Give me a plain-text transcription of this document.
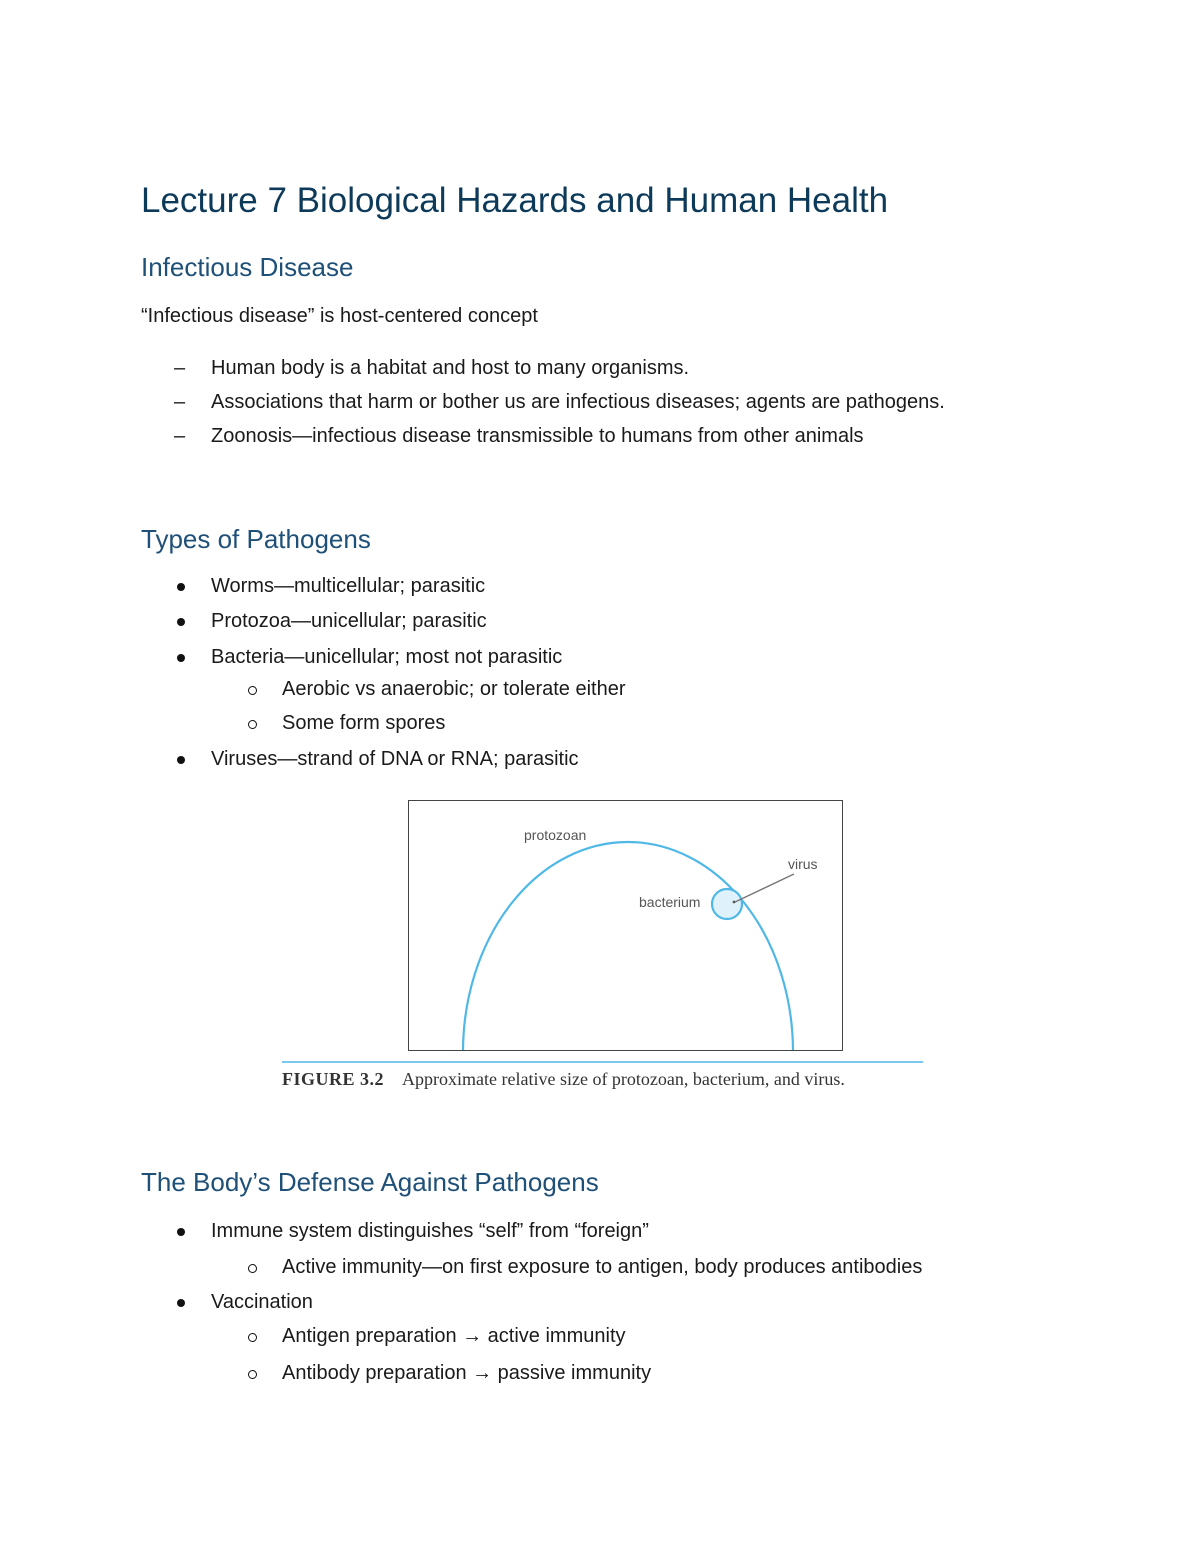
Lecture 7 Biological Hazards and Human Health
Infectious Disease
“Infectious disease” is host-centered concept
– Human body is a habitat and host to many organisms.
– Associations that harm or bother us are infectious diseases; agents are pathogens.
– Zoonosis—infectious disease transmissible to humans from other animals
Types of Pathogens
Worms—multicellular; parasitic
Protozoa—unicellular; parasitic
Bacteria—unicellular; most not parasitic
Aerobic vs anaerobic; or tolerate either
Some form spores
Viruses—strand of DNA or RNA; parasitic
protozoan
virus
bacterium
FIGURE 3.2 Approximate relative size of protozoan, bacterium, and virus.
The Body’s Defense Against Pathogens
Immune system distinguishes “self” from “foreign”
Active immunity—on first exposure to antigen, body produces antibodies
Vaccination
Antigen preparation → active immunity
Antibody preparation → passive immunity
